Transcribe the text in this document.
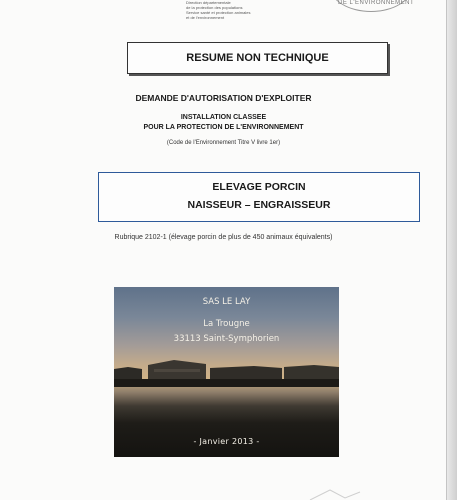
Direction départementale
de la protection des populations
Service santé et protection animales
et de l'environnement
DE L'ENVIRONNEMENT
RESUME NON TECHNIQUE
DEMANDE D'AUTORISATION D'EXPLOITER
INSTALLATION CLASSEE
POUR LA PROTECTION DE L'ENVIRONNEMENT
(Code de l'Environnement Titre V livre 1er)
ELEVAGE PORCIN
NAISSEUR – ENGRAISSEUR
Rubrique 2102-1 (élevage porcin de plus de 450 animaux équivalents)
SAS LE LAY
La Trougne
33113 Saint-Symphorien
- Janvier 2013 -
